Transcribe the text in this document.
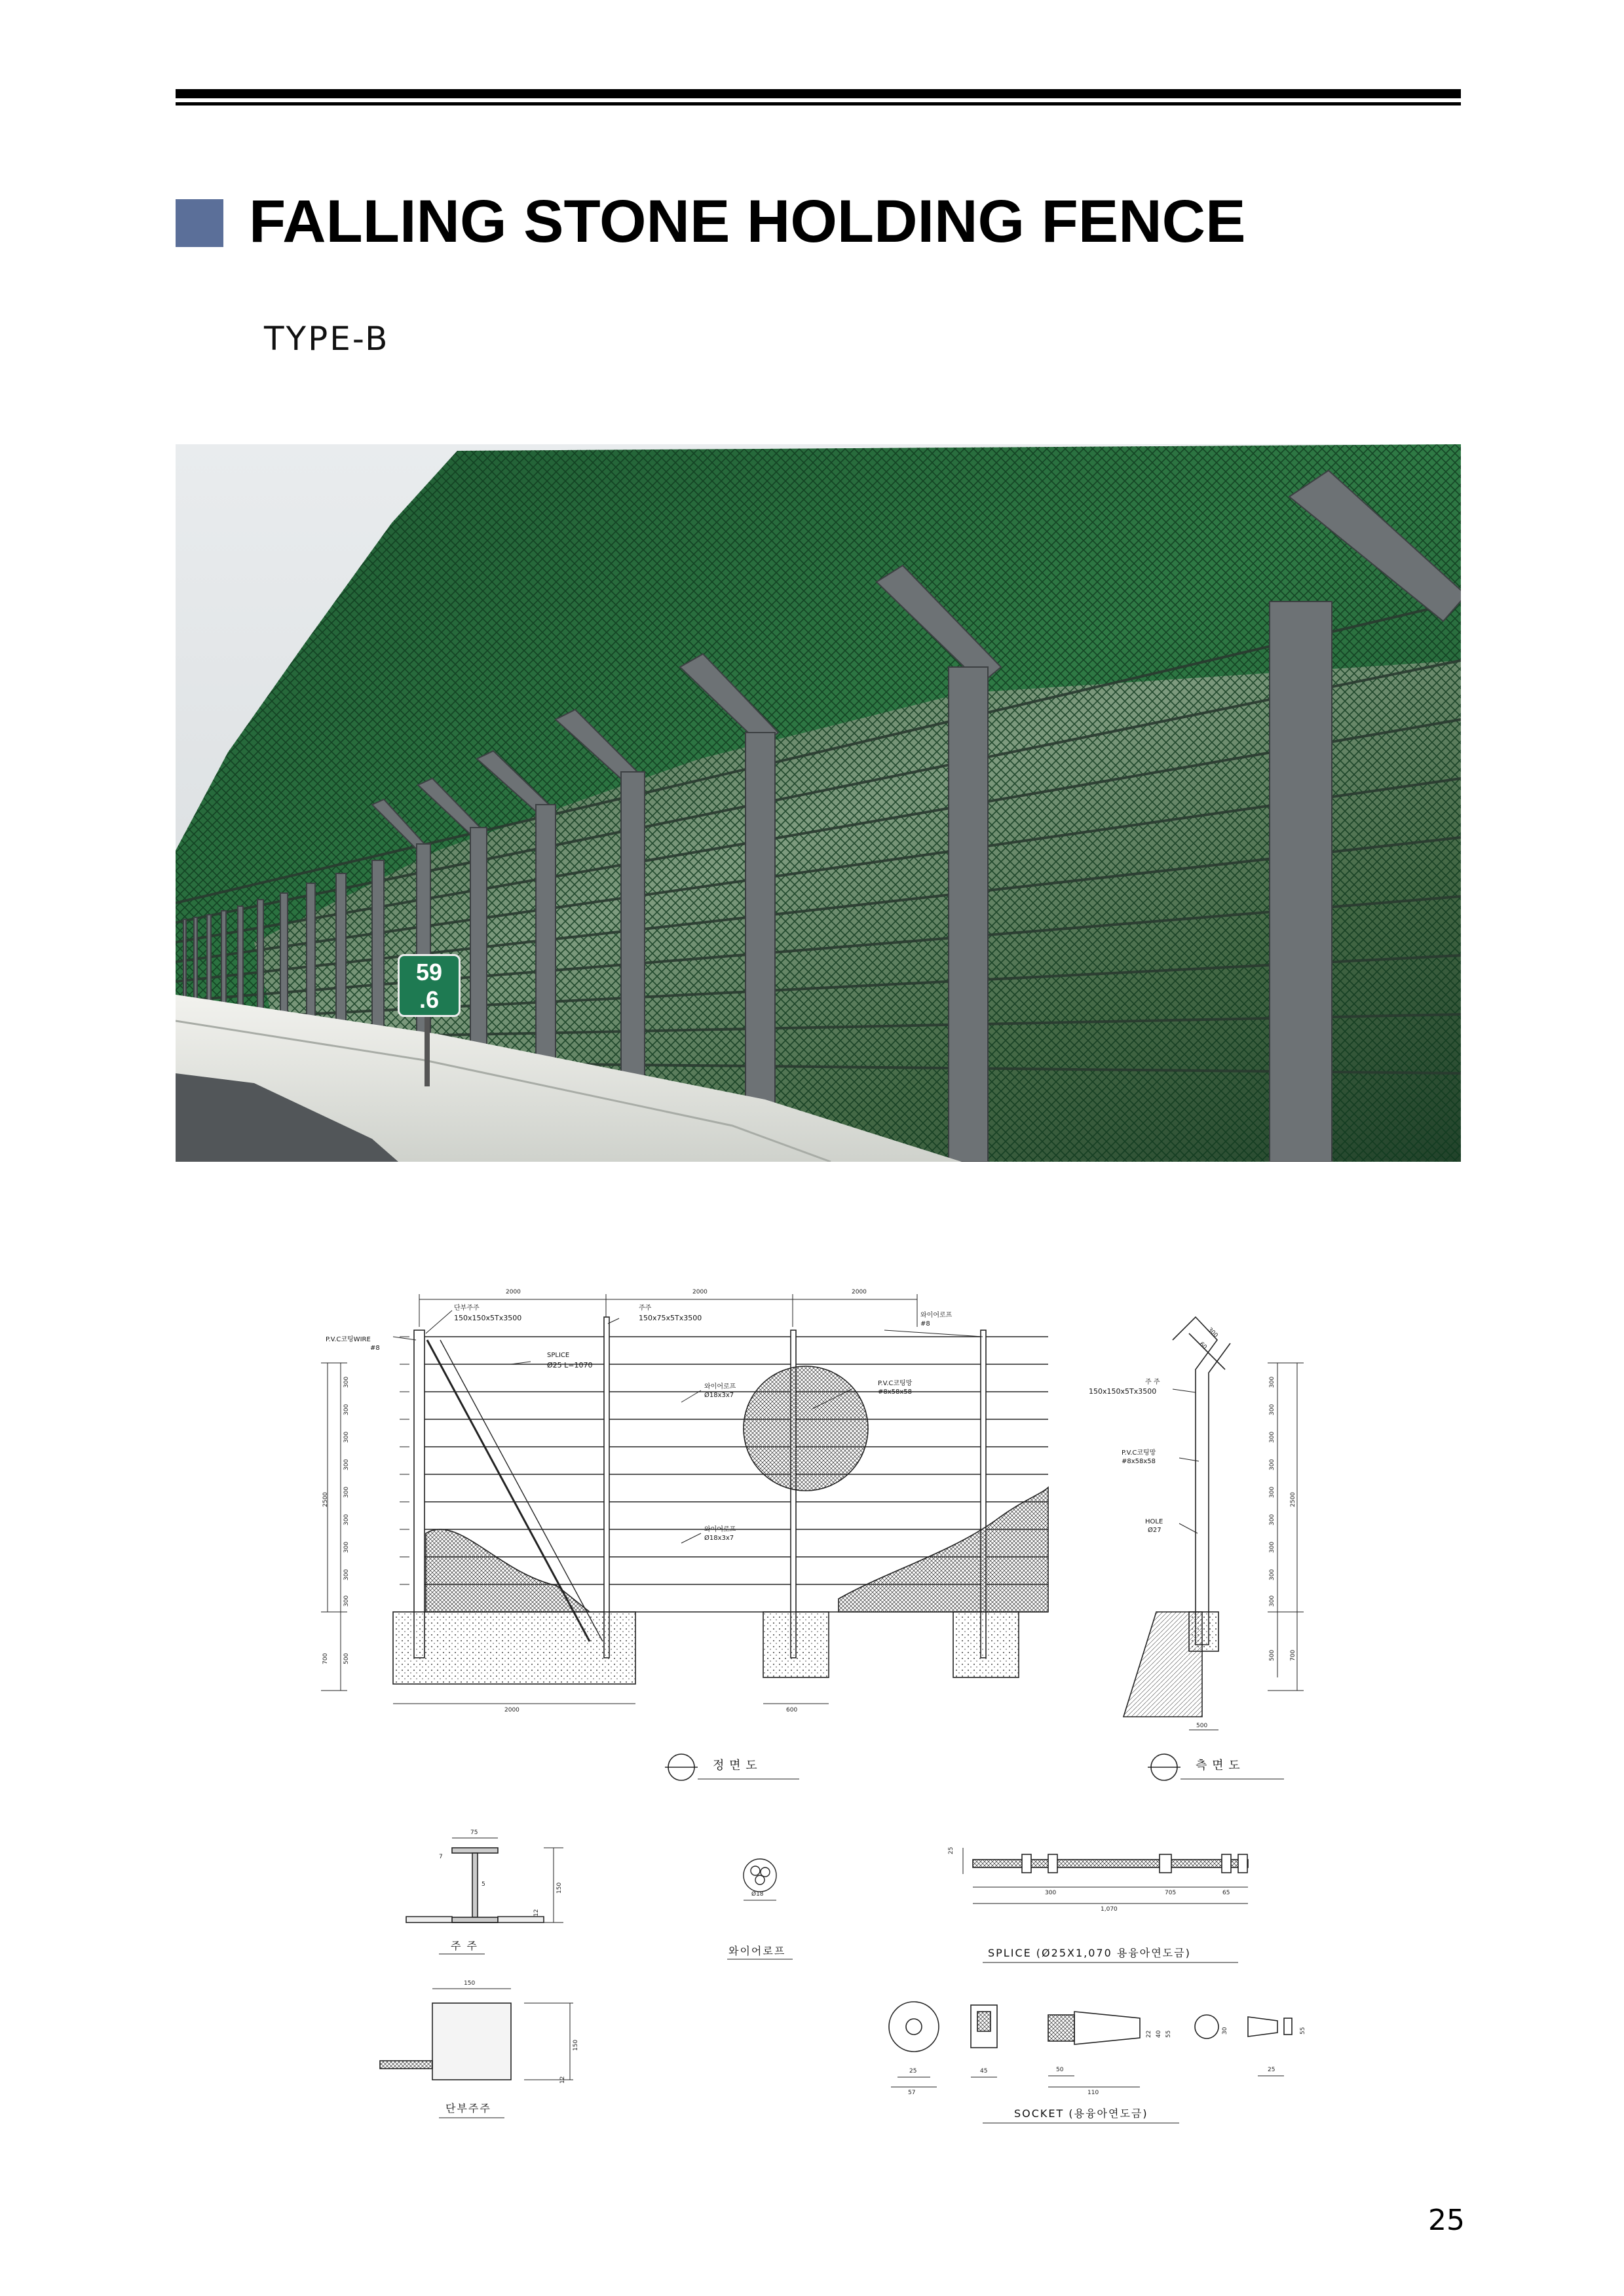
FALLING STONE HOLDING FENCE
TYPE-B
59
.6
2000	2000	2000
단부주주
150x150x5Tx3500
주주
150x75x5Tx3500	와이어로프
#8
P.V.C코팅WIRE
#8
SPLICE
Ø25 L=1070
와이어로프
Ø18x3x7
P.V.C코팅망
#8x58x58
와이어로프
Ø18x3x7
300
300
300
300
300
300
300
300
300
2500
500
700
2000	600
정 면 도
300
60
주 주
150x150x5Tx3500
P.V.C코팅망
#8x58x58
HOLE
Ø27
300
300
300
300
300
300
300
300
300
2500
500 700
500
측 면 도
75
7
5	150
12
주 주
Ø18
와이어로프
25
300	705	65
1,070
SPLICE (Ø25X1,070 용융아연도금)
150
150
12
단부주주
25
57
45	50
110
22 40 55	30	55
25
SOCKET (용융아연도금)
25
